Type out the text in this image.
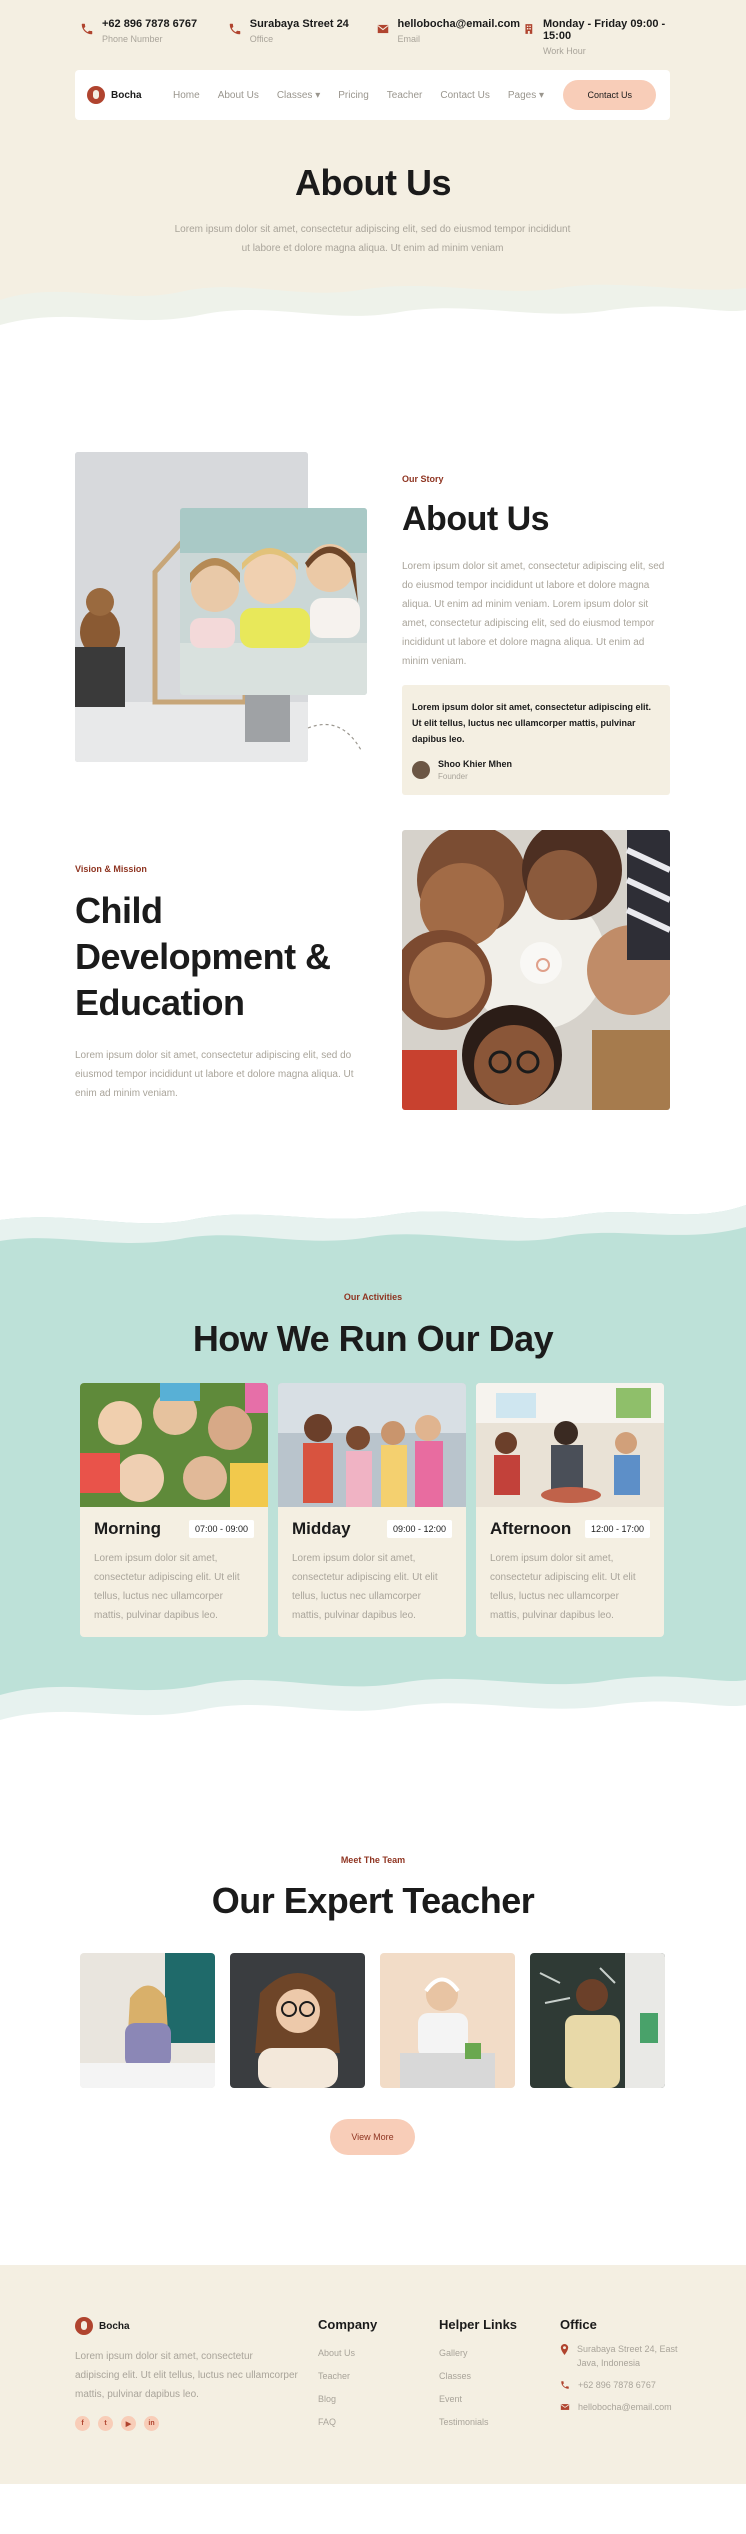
+62 896 7878 6767
Phone Number
Surabaya Street 24
Office
hellobocha@email.com
Email
Monday - Friday 09:00 - 15:00
Work Hour
Bocha	Home About Us Classes ▾ Pricing Teacher Contact Us Pages ▾	Contact Us
About Us

Lorem ipsum dolor sit amet, consectetur adipiscing elit, sed do eiusmod tempor incididunt ut labore et dolore magna aliqua. Ut enim ad minim veniam

Our Story
About Us

Lorem ipsum dolor sit amet, consectetur adipiscing elit, sed do eiusmod tempor incididunt ut labore et dolore magna aliqua. Ut enim ad minim veniam. Lorem ipsum dolor sit amet, consectetur adipiscing elit, sed do eiusmod tempor incididunt ut labore et dolore magna aliqua. Ut enim ad minim veniam.

Lorem ipsum dolor sit amet, consectetur adipiscing elit. Ut elit tellus, luctus nec ullamcorper mattis, pulvinar dapibus leo.

Shoo Khier Mhen
Founder
Vision & Mission
Child Development & Education

Lorem ipsum dolor sit amet, consectetur adipiscing elit, sed do eiusmod tempor incididunt ut labore et dolore magna aliqua. Ut enim ad minim veniam.

Our Activities
How We Run Our Day
Morning	07:00 - 09:00

Lorem ipsum dolor sit amet, consectetur adipiscing elit. Ut elit tellus, luctus nec ullamcorper mattis, pulvinar dapibus leo.

Midday	09:00 - 12:00

Lorem ipsum dolor sit amet, consectetur adipiscing elit. Ut elit tellus, luctus nec ullamcorper mattis, pulvinar dapibus leo.

Afternoon	12:00 - 17:00

Lorem ipsum dolor sit amet, consectetur adipiscing elit. Ut elit tellus, luctus nec ullamcorper mattis, pulvinar dapibus leo.

Meet The Team
Our Expert Teacher
View More
Bocha

Lorem ipsum dolor sit amet, consectetur adipiscing elit. Ut elit tellus, luctus nec ullamcorper mattis, pulvinar dapibus leo.

f	t	▶	in
Company
About Us
Teacher
Blog
FAQ
Helper Links
Gallery
Classes
Event
Testimonials
Office
Surabaya Street 24, East Java, Indonesia
+62 896 7878 6767
hellobocha@email.com
